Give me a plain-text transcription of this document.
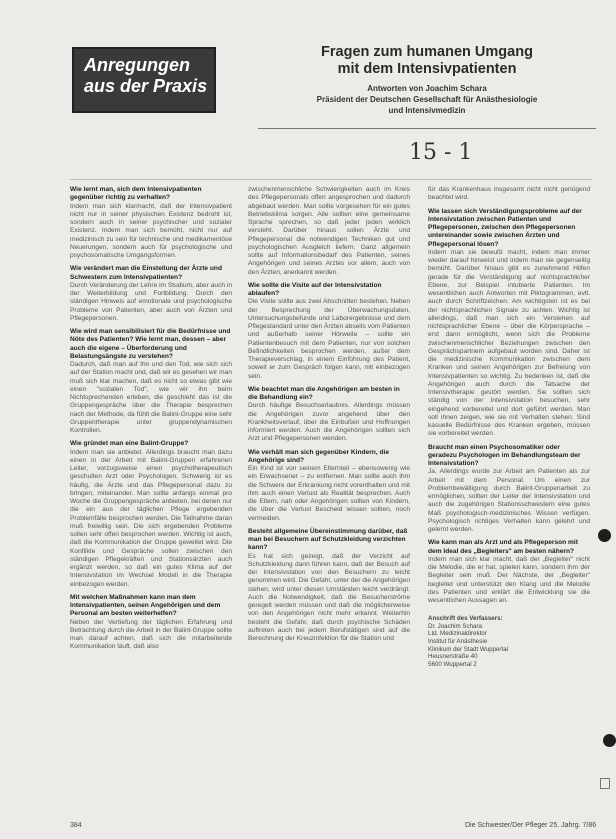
Anregungen aus der Praxis
Fragen zum humanen Umgang
mit dem Intensivpatienten
Antworten von Joachim Schara
Präsident der Deutschen Gesellschaft für Anästhesiologie
und Intensivmedizin
15 - 1

Wie lernt man, sich dem Intensivpatienten gegenüber richtig zu verhalten?

Indem man sich klarmacht, daß der Intensivpatient nicht nur in seiner physischen Existenz bedroht ist, sondern auch in seiner psychischer und sozialer Existenz. Indem man sich bemüht, nicht nur auf medizinisch zu sein für technische und medikamentöse Neuerungen, sondern auch für psychologische und psychosomatische Umgangsformen.

Wie verändert man die Einstellung der Ärzte und Schwestern zum Intensivpatienten?

Durch Veränderung der Lehre im Studium, aber auch in der Weiterbildung und Fortbildung. Durch den ständigen Hinweis auf emotionale und psychologische Probleme von Patienten, aber auch von Ärzten und Pflegepersonen.

Wie wird man sensibilisiert für die Bedürfnisse und Nöte des Patienten? Wie lernt man, dessen – aber auch die eigene – Überforderung und Belastungsängste zu verstehen?

Dadurch, daß man auf Ihn und den Tod, wie sich sich auf der Station macht und, daß wir es gesehen wir man muß sich klar machen, daß es nicht so etwas gibt wie einen "sozialen Tod", wie wir ihn beim Nichtsprechenden erleben, die geschieht das ist die Gruppengespräche über die Therapie besprechen nach der Methode, da fühlt die Balint-Gruppe eine sehr Gruppentherapie unter gruppendynamischen Kontrollen.

Wie gründet man eine Balint-Gruppe?

Indem man sie anbietet. Allerdings braucht man dazu einen in der Arbeit mit Balint-Gruppen erfahrenen Leiter, vorzugsweise einen psychotherapeutisch geschulten Arzt oder Psychologen. Schwierig ist es häufig, die Ärzte und das Pflegepersonal dazu zu bringen, miteinander. Man sollte anfangs einmal pro Woche die Gruppengespräche anbieten, bei denen nur die ein aus der täglichen Pflege ergebenden Problemfälle besprochen werden. Die Teilnahme daran muß freiwillig sein. Die sich ergebenden Probleme sollen sehr offen besprochen werden. Wichtig ist auch, daß die Kommunikation der Gruppe geweitet wird. Die Konflikte und Gespräche sollen zwischen den ständigen Pflegekräften und Stationsärzten auch ergänzt werden, so daß ein gutes Klima auf der Intensivstation im Wechsel Modell in die Therapie einbezogen werden.

Mit welchen Maßnahmen kann man dem Intensivpatienten, seinen Angehörigen und dem Personal am besten weiterhelfen?

Neben der Vertiefung der täglichen Erfahrung und Betrachtung durch die Arbeit in der Balint-Gruppe sollte man darauf achten, daß sich die mitarbeitende Kommunikation läuft, daß also

zwischenmenschliche Schwierigkeiten auch im Kreis des Pflegepersonals offen angesprochen und dadurch abgebaut werden. Man sollte vorgesehen für ein gutes Betriebsklima sorgen. Alle sollten eine gemeinsame Sprache sprechen, so daß jeder jeden wirklich versteht. Darüber hinaus sollen Ärzte und Pflegepersonal die notwendigen Techniken gut und psychologischen Ausgleich liefern. Ganz allgemein sollte auf Informationsbedarf des Patienten, seines Angehörigen und seines Arztes vor allem, auch von den Ärzten, anerkannt werden.

Wie sollte die Visite auf der Intensivstation ablaufen?

Die Visite sollte aus zwei Abschnitten bestehen. Neben der Besprechung der Überwachungsdaten, Untersuchungsbefunde und Laborergebnisse und dem Pflegestandard unter den Ärzten abseits vom Patienten und außerhalb seiner Hörweite – sollte ein Patientenbesuch mit dem Patienten, nur von solchen Befindlichkeiten besprochen werden, außer dem Therapieverschlag, in einem Einführung des Patient, soweit er zum Gespräch folgen kann, mit einbezogen sein.

Wie beachtet man die Angehörigen am besten in die Behandlung ein?

Durch häufige Besuchserlaubnis. Allerdings müssen die Angehörigen zuvor angehend über den Krankheitsverlauf, über die Einbußen und Hoffnungen informiert werden. Auch die Angehörigen sollten sich Arzt und Pflegepersonen wenden.

Wie verhält man sich gegenüber Kindern, die Angehörige sind?

Ein Kind ist von seinem Elternteil – ebensowenig wie ein Erwachsener – zu entfernen. Man sollte auch ihm die Schwere der Erkrankung nicht vorenthalten und mit ihm auch einen Verlust als Realität besprechen. Auch die Eltern, nah oder Angehörigen sollten von Kindern, die über die Verlust Bescheid wissen sollten, noch vermeiden.

Besteht allgemeine Übereinstimmung darüber, daß man bei Besuchern auf Schutzkleidung verzichten kann?

Es hat sich gezeigt, daß der Verzicht auf Schutzkleidung dann führen kann, daß der Besuch auf der Intensivstation von den Besuchern zu leicht genommen wird. Die Gefahr, unter der die Angehörigen stehen, wird unter diesen Umständen leicht verdrängt. Auch die Notwendigkeit, daß die Besucherströme geregelt werden müssen und daß die möglicherweise von den Angehörigen nicht mehr erkannt. Weiterhin besteht die Gefahr, daß durch psychische Schäden auftreten auch bei jedem Berufstätigen sind auf die Berechnung der Kreuzinfektion für die Station und

für das Krankenhaus insgesamt nicht nicht genügend beachtet wird.

Wie lassen sich Verständigungsprobleme auf der Intensivstation zwischen Patienten und Pflegepersonen, zwischen den Pflegepersonen untereinander sowie zwischen Ärzten und Pflegepersonal lösen?

Indem man sie bewußt macht, indem man immer wieder darauf hinweist und indem man sie gegenseitig bemüht. Darüber hinaus gibt es zunehmend Hilfen gerade für die Verständigung auf nichtsprachlicher Ebene, zur Beispiel intubierte Patienten. Im wesentlichen auch Antworten mit Piktogrammen, evtl. auch durch Schriftzeichen. Am wichtigsten ist es bei der nichtsprachlichen Signale zu achten. Wichtig ist allerdings, daß man sich ein Verstehen auf nichtsprachlicher Ebene – über die Körpersprache – erst dann ermöglicht, wenn sich die Probleme zwischenmenschlicher Beziehungen zwischen den Gesprächspartnern aufgebaut worden sind. Daher ist die medizinische Kommunikation zwischen dem Kranken und seinen Angehörigen zur Befreiung von Intensivpatienten so wichtig. Zu bedenken ist, daß die Angehörigen auch durch die Tatsache der Intensivtherapie gestört werden. Sie sollten sich ständig von der Intensivstation besuchen, sehr eingehend vorbereitet und dort geführt werden. Man soll ihnen zeigen, wie sie mit Verhalten stehen. Sind kasuelle Bedürfnisse des Kranken ergeben, müssen sie vorbereitet werden.

Braucht man einen Psychosomatiker oder geradezu Psychologen im Behandlungsteam der Intensivstation?

Ja. Allerdings wurde zur Arbeit am Patienten als zur Arbeit mit dem Personal. Um einen zur Problembewältigung durch Balint-Gruppenarbeit zu ermöglichen, sollten der Leiter der Intensivstation und auch die zugehörigen Stationsschwestern eine gutes Maß psychologisch-medizinisches Wissen verfügen. Psychologisch richtiges Verhalten kann gelehrt und gelernt werden.

Wie kann man als Arzt und als Pflegeperson mit dem Ideal des „Begleiters" am besten nähern?

Indem man sich klar macht, daß der „Begleiter" nicht die Melodie, die er hat, spielen kann, sondern ihm der Begleiter sein muß. Der Nächste, der „Begleiter" begleitet und unterstützt den Klang und die Melodie des Patienten und erklärt die Entwicklung sie die wesentlichen Aussagen an.

Anschrift des Verfassers:
Dr. Joachim Schara
Ltd. Medizinaldirektor
Institut für Anästhesie
Klinikum der Stadt Wuppertal
Heusnerstraße 40
5600 Wuppertal 2
384	Die Schwester/Der Pfleger 25. Jahrg. 7/86
